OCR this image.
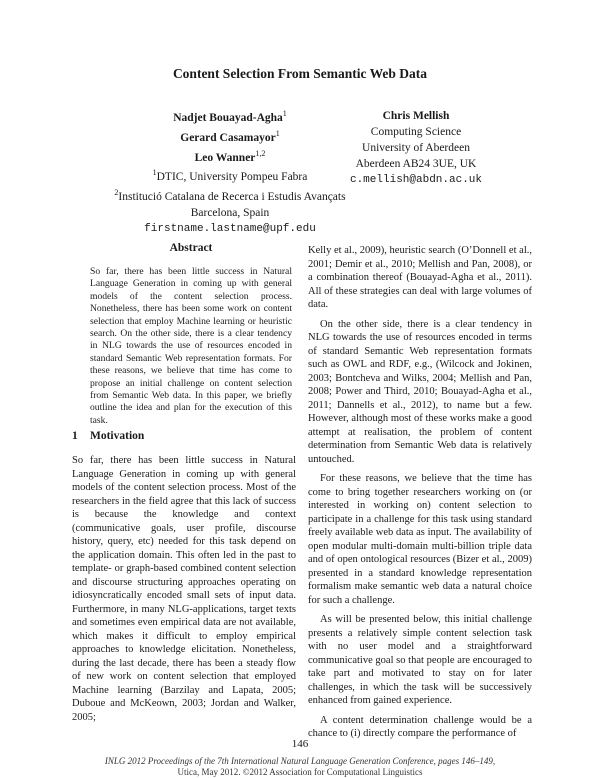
Content Selection From Semantic Web Data
Nadjet Bouayad-Agha$^1$
Gerard Casamayor$^1$
Leo Wanner$^{1,2}$
$^1$DTIC, University Pompeu Fabra
$^2$Institució Catalana de Recerca i Estudis Avançats
Barcelona, Spain
firstname.lastname@upf.edu
Chris Mellish
Computing Science
University of Aberdeen
Aberdeen AB24 3UE, UK
c.mellish@abdn.ac.uk
Abstract
So far, there has been little success in Natural Language Generation in coming up with general models of the content selection process. Nonetheless, there has been some work on content selection that employ Machine learning or heuristic search. On the other side, there is a clear tendency in NLG towards the use of resources encoded in standard Semantic Web representation formats. For these reasons, we believe that time has come to propose an initial challenge on content selection from Semantic Web data. In this paper, we briefly outline the idea and plan for the execution of this task.
1 Motivation

So far, there has been little success in Natural Language Generation in coming up with general models of the content selection process. Most of the researchers in the field agree that this lack of success is because the knowledge and context (communicative goals, user profile, discourse history, query, etc) needed for this task depend on the application domain. This often led in the past to template- or graph-based combined content selection and discourse structuring approaches operating on idiosyncratically encoded small sets of input data. Furthermore, in many NLG-applications, target texts and sometimes even empirical data are not available, which makes it difficult to employ empirical approaches to knowledge elicitation. Nonetheless, during the last decade, there has been a steady flow of new work on content selection that employed Machine learning (Barzilay and Lapata, 2005; Duboue and McKeown, 2003; Jordan and Walker, 2005;

Kelly et al., 2009), heuristic search (O’Donnell et al., 2001; Demir et al., 2010; Mellish and Pan, 2008), or a combination thereof (Bouayad-Agha et al., 2011). All of these strategies can deal with large volumes of data.

On the other side, there is a clear tendency in NLG towards the use of resources encoded in terms of standard Semantic Web representation formats such as OWL and RDF, e.g., (Wilcock and Jokinen, 2003; Bontcheva and Wilks, 2004; Mellish and Pan, 2008; Power and Third, 2010; Bouayad-Agha et al., 2011; Dannells et al., 2012), to name but a few. However, although most of these works make a good attempt at realisation, the problem of content determination from Semantic Web data is relatively untouched.

For these reasons, we believe that the time has come to bring together researchers working on (or interested in working on) content selection to participate in a challenge for this task using standard freely available web data as input. The availability of open modular multi-domain multi-billion triple data and of open ontological resources (Bizer et al., 2009) presented in a standard knowledge representation formalism make semantic web data a natural choice for such a challenge.

As will be presented below, this initial challenge presents a relatively simple content selection task with no user model and a straightforward communicative goal so that people are encouraged to take part and motivated to stay on for later challenges, in which the task will be successively enhanced from gained experience.

A content determination challenge would be a chance to (i) directly compare the performance of

146
INLG 2012 Proceedings of the 7th International Natural Language Generation Conference, pages 146–149,
Utica, May 2012. ©2012 Association for Computational Linguistics
